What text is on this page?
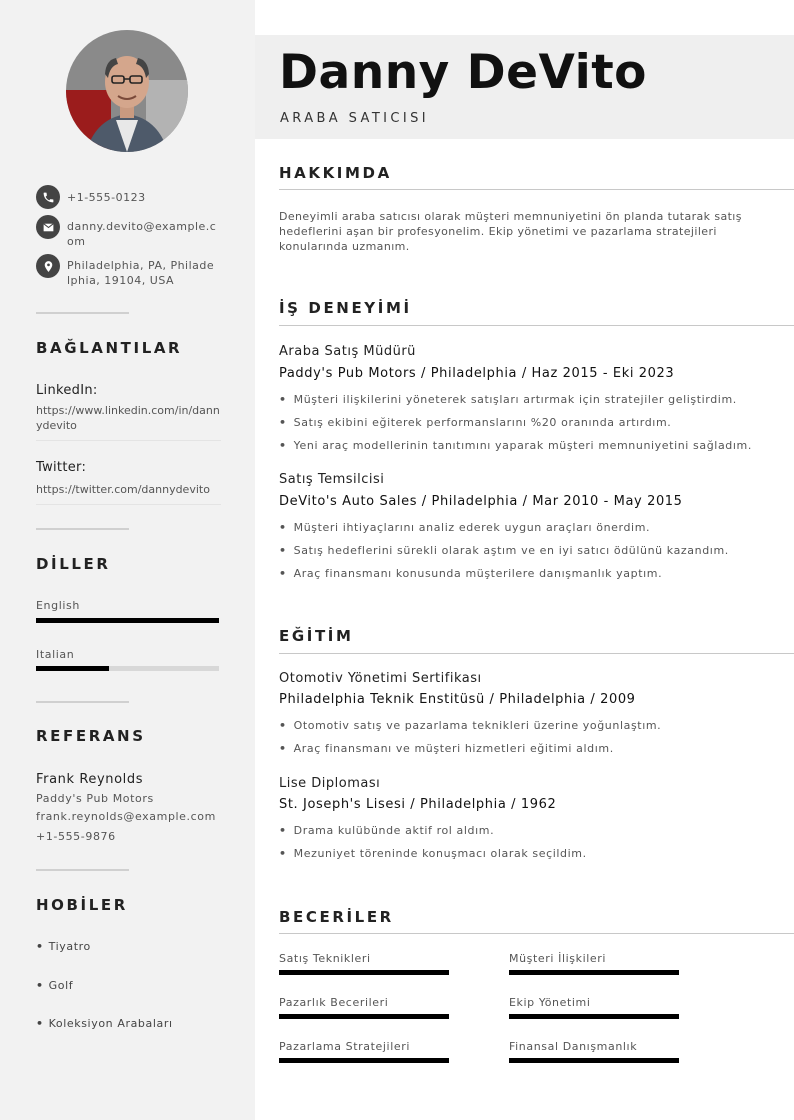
+1-555-0123
danny.devito@example.com
Philadelphia, PA, Philadelphia, 19104, USA
BAĞLANTILAR
LinkedIn:
https://www.linkedin.com/in/dannydevito
Twitter:
https://twitter.com/dannydevito
DİLLER
English
Italian
REFERANS
Frank Reynolds
Paddy's Pub Motors
frank.reynolds@example.com
+1-555-9876
HOBİLER
• Tiyatro
• Golf
• Koleksiyon Arabaları
Danny DeVito
ARABA SATICISI
HAKKIMDA
Deneyimli araba satıcısı olarak müşteri memnuniyetini ön planda tutarak satış hedeflerini aşan bir profesyonelim. Ekip yönetimi ve pazarlama stratejileri konularında uzmanım.
İŞ DENEYİMİ
Araba Satış Müdürü
Paddy's Pub Motors / Philadelphia / Haz 2015 - Eki 2023
• Müşteri ilişkilerini yöneterek satışları artırmak için stratejiler geliştirdim.
• Satış ekibini eğiterek performanslarını %20 oranında artırdım.
• Yeni araç modellerinin tanıtımını yaparak müşteri memnuniyetini sağladım.
Satış Temsilcisi
DeVito's Auto Sales / Philadelphia / Mar 2010 - May 2015
• Müşteri ihtiyaçlarını analiz ederek uygun araçları önerdim.
• Satış hedeflerini sürekli olarak aştım ve en iyi satıcı ödülünü kazandım.
• Araç finansmanı konusunda müşterilere danışmanlık yaptım.
EĞİTİM
Otomotiv Yönetimi Sertifikası
Philadelphia Teknik Enstitüsü / Philadelphia / 2009
• Otomotiv satış ve pazarlama teknikleri üzerine yoğunlaştım.
• Araç finansmanı ve müşteri hizmetleri eğitimi aldım.
Lise Diploması
St. Joseph's Lisesi / Philadelphia / 1962
• Drama kulübünde aktif rol aldım.
• Mezuniyet töreninde konuşmacı olarak seçildim.
BECERİLER
Satış Teknikleri	Müşteri İlişkileri
Pazarlık Becerileri	Ekip Yönetimi
Pazarlama Stratejileri	Finansal Danışmanlık
